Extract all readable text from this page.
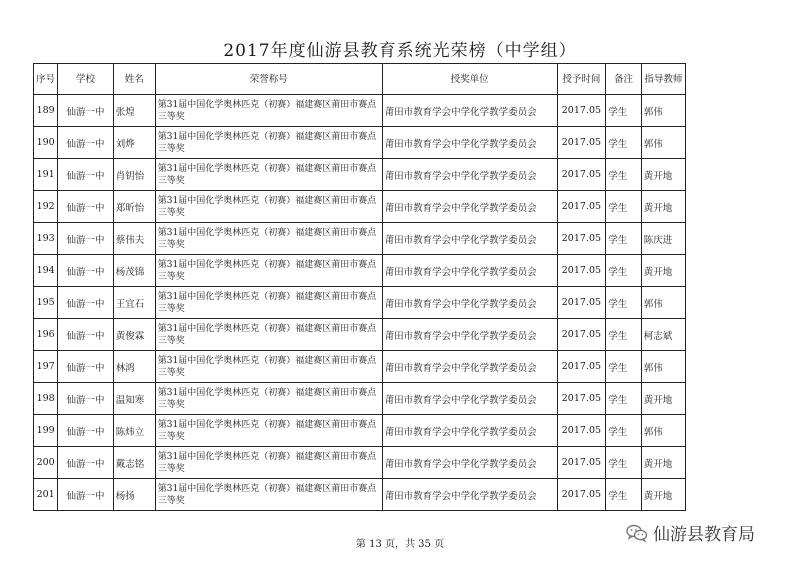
2017年度仙游县教育系统光荣榜（中学组）
序号	学校	姓名	荣誉称号	授奖单位	授予时间	备注	指导教师
189	仙游一中	张煌	第31届中国化学奥林匹克（初赛）福建赛区莆田市赛点三等奖	莆田市教育学会中学化学教学委员会	2017.05	学生	郭伟
190	仙游一中	刘烨	第31届中国化学奥林匹克（初赛）福建赛区莆田市赛点三等奖	莆田市教育学会中学化学教学委员会	2017.05	学生	郭伟
191	仙游一中	肖钥怡	第31届中国化学奥林匹克（初赛）福建赛区莆田市赛点三等奖	莆田市教育学会中学化学教学委员会	2017.05	学生	黄开地
192	仙游一中	郑昕怡	第31届中国化学奥林匹克（初赛）福建赛区莆田市赛点三等奖	莆田市教育学会中学化学教学委员会	2017.05	学生	黄开地
193	仙游一中	蔡伟夫	第31届中国化学奥林匹克（初赛）福建赛区莆田市赛点三等奖	莆田市教育学会中学化学教学委员会	2017.05	学生	陈庆进
194	仙游一中	杨茂锦	第31届中国化学奥林匹克（初赛）福建赛区莆田市赛点三等奖	莆田市教育学会中学化学教学委员会	2017.05	学生	黄开地
195	仙游一中	王宜石	第31届中国化学奥林匹克（初赛）福建赛区莆田市赛点三等奖	莆田市教育学会中学化学教学委员会	2017.05	学生	郭伟
196	仙游一中	黄俊霖	第31届中国化学奥林匹克（初赛）福建赛区莆田市赛点三等奖	莆田市教育学会中学化学教学委员会	2017.05	学生	柯志斌
197	仙游一中	林鸿	第31届中国化学奥林匹克（初赛）福建赛区莆田市赛点三等奖	莆田市教育学会中学化学教学委员会	2017.05	学生	郭伟
198	仙游一中	温知寒	第31届中国化学奥林匹克（初赛）福建赛区莆田市赛点三等奖	莆田市教育学会中学化学教学委员会	2017.05	学生	黄开地
199	仙游一中	陈炜立	第31届中国化学奥林匹克（初赛）福建赛区莆田市赛点三等奖	莆田市教育学会中学化学教学委员会	2017.05	学生	郭伟
200	仙游一中	戴志铭	第31届中国化学奥林匹克（初赛）福建赛区莆田市赛点三等奖	莆田市教育学会中学化学教学委员会	2017.05	学生	黄开地
201	仙游一中	杨扬	第31届中国化学奥林匹克（初赛）福建赛区莆田市赛点三等奖	莆田市教育学会中学化学教学委员会	2017.05	学生	黄开地
第 13 页，共 35 页	仙游县教育局
